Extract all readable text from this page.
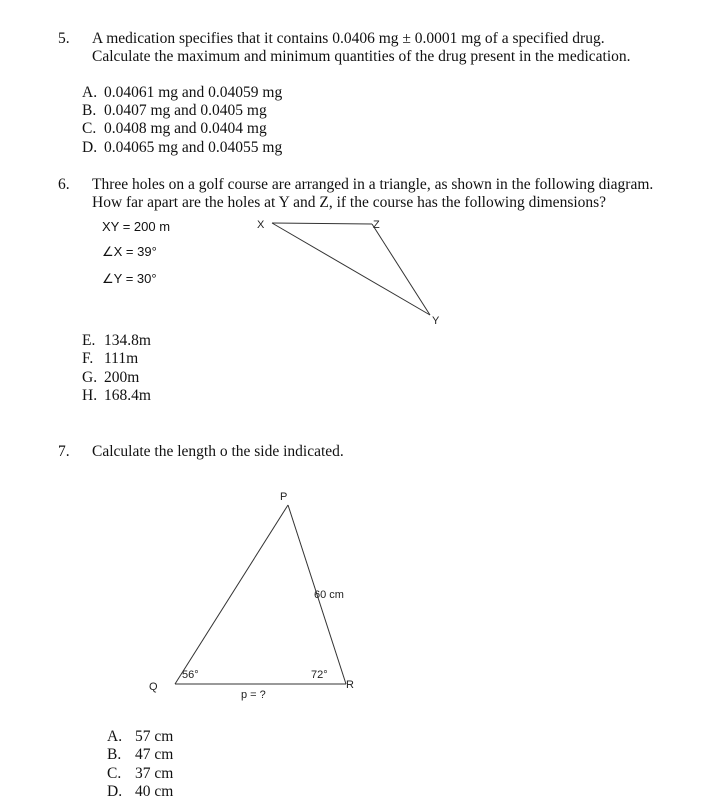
5. A medication specifies that it contains 0.0406 mg ± 0.0001 mg of a specified drug.
Calculate the maximum and minimum quantities of the drug present in the medication.
A. 0.04061 mg and 0.04059 mg
B. 0.0407 mg and 0.0405 mg
C. 0.0408 mg and 0.0404 mg
D. 0.04065 mg and 0.04055 mg
6. Three holes on a golf course are arranged in a triangle, as shown in the following diagram.
How far apart are the holes at Y and Z, if the course has the following dimensions?
XY = 200 m
∠X = 39°
∠Y = 30°
X	Z
Y
P
Q	R
60 cm
56°	72°
p = ?
E. 134.8m
F. 111m
G. 200m
H. 168.4m
7. Calculate the length o the side indicated.
A. 57 cm
B. 47 cm
C. 37 cm
D. 40 cm
